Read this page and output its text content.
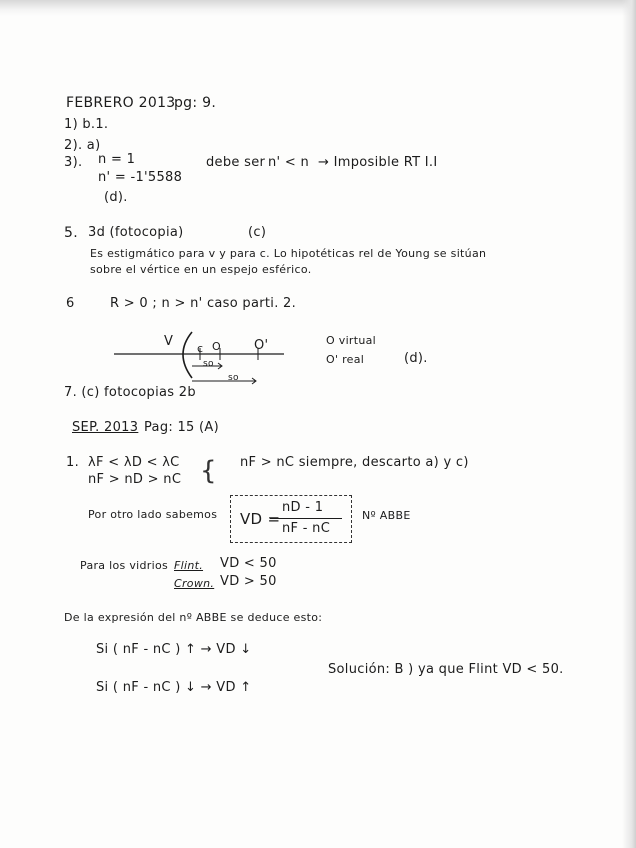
FEBRERO 2013
pg: 9.
1) b.1.
2). a)
3). n = 1	debe ser n' < n → Imposible RT I.I
n' = -1'5588
(d).
5. 3d (fotocopia)	(c)
Es estigmático para v y para c. Lo hipotéticas rel de Young se sitúan
sobre el vértice en un espejo esférico.
6	R > 0 ; n > n' caso parti. 2.
V c O	O'
so
so
O virtual
O' real	(d).
7. (c) fotocopias 2b
SEP. 2013 Pag: 15 (A)
1. λF < λD < λC
nF > nD > nC { nF > nC siempre, descarto a) y c)
Por otro lado sabemos VD =
nD - 1
nF - nC
Nº ABBE
Para los vidrios Flint. VD < 50
Crown. VD > 50
De la expresión del nº ABBE se deduce esto:
Si ( nF - nC ) ↑ → VD ↓
Si ( nF - nC ) ↓ → VD ↑
Solución: B ) ya que Flint VD < 50.
